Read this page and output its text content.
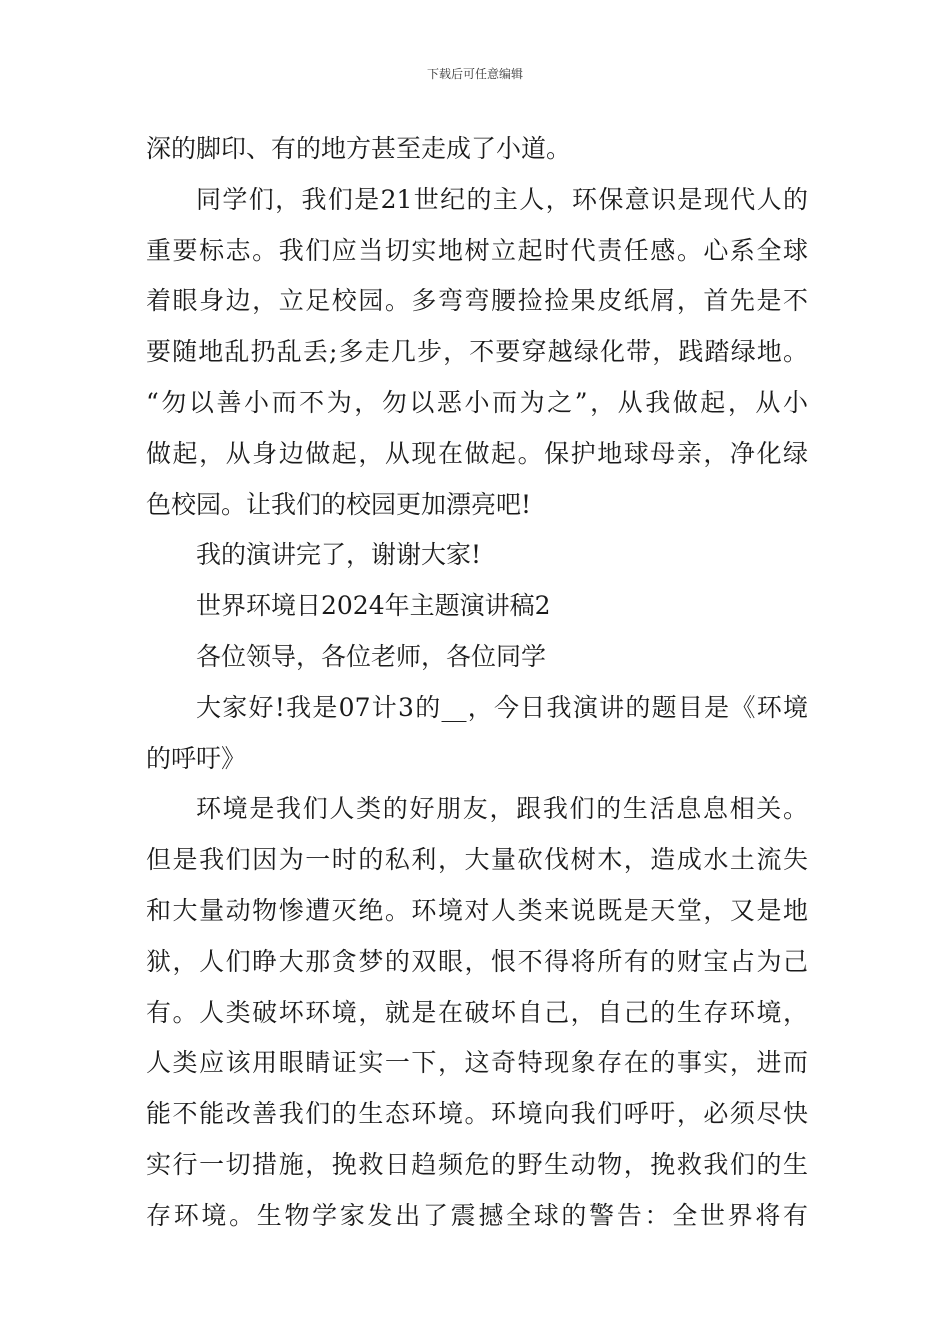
下载后可任意编辑
深的脚印、有的地方甚至走成了小道。
同学们，我们是21世纪的主人，环保意识是现代人的
重要标志。我们应当切实地树立起时代责任感。心系全球
着眼身边，立足校园。多弯弯腰捡捡果皮纸屑，首先是不
要随地乱扔乱丢;多走几步，不要穿越绿化带，践踏绿地。
“勿以善小而不为，勿以恶小而为之”，从我做起，从小
做起，从身边做起，从现在做起。保护地球母亲，净化绿
色校园。让我们的校园更加漂亮吧!
我的演讲完了，谢谢大家!
世界环境日2024年主题演讲稿2
各位领导，各位老师，各位同学
大家好!我是07计3的__，今日我演讲的题目是《环境
的呼吁》
环境是我们人类的好朋友，跟我们的生活息息相关。
但是我们因为一时的私利，大量砍伐树木，造成水土流失
和大量动物惨遭灭绝。环境对人类来说既是天堂，又是地
狱，人们睁大那贪梦的双眼，恨不得将所有的财宝占为己
有。人类破坏环境，就是在破坏自己，自己的生存环境，
人类应该用眼睛证实一下，这奇特现象存在的事实，进而
能不能改善我们的生态环境。环境向我们呼吁，必须尽快
实行一切措施，挽救日趋频危的野生动物，挽救我们的生
存环境。生物学家发出了震撼全球的警告：全世界将有
